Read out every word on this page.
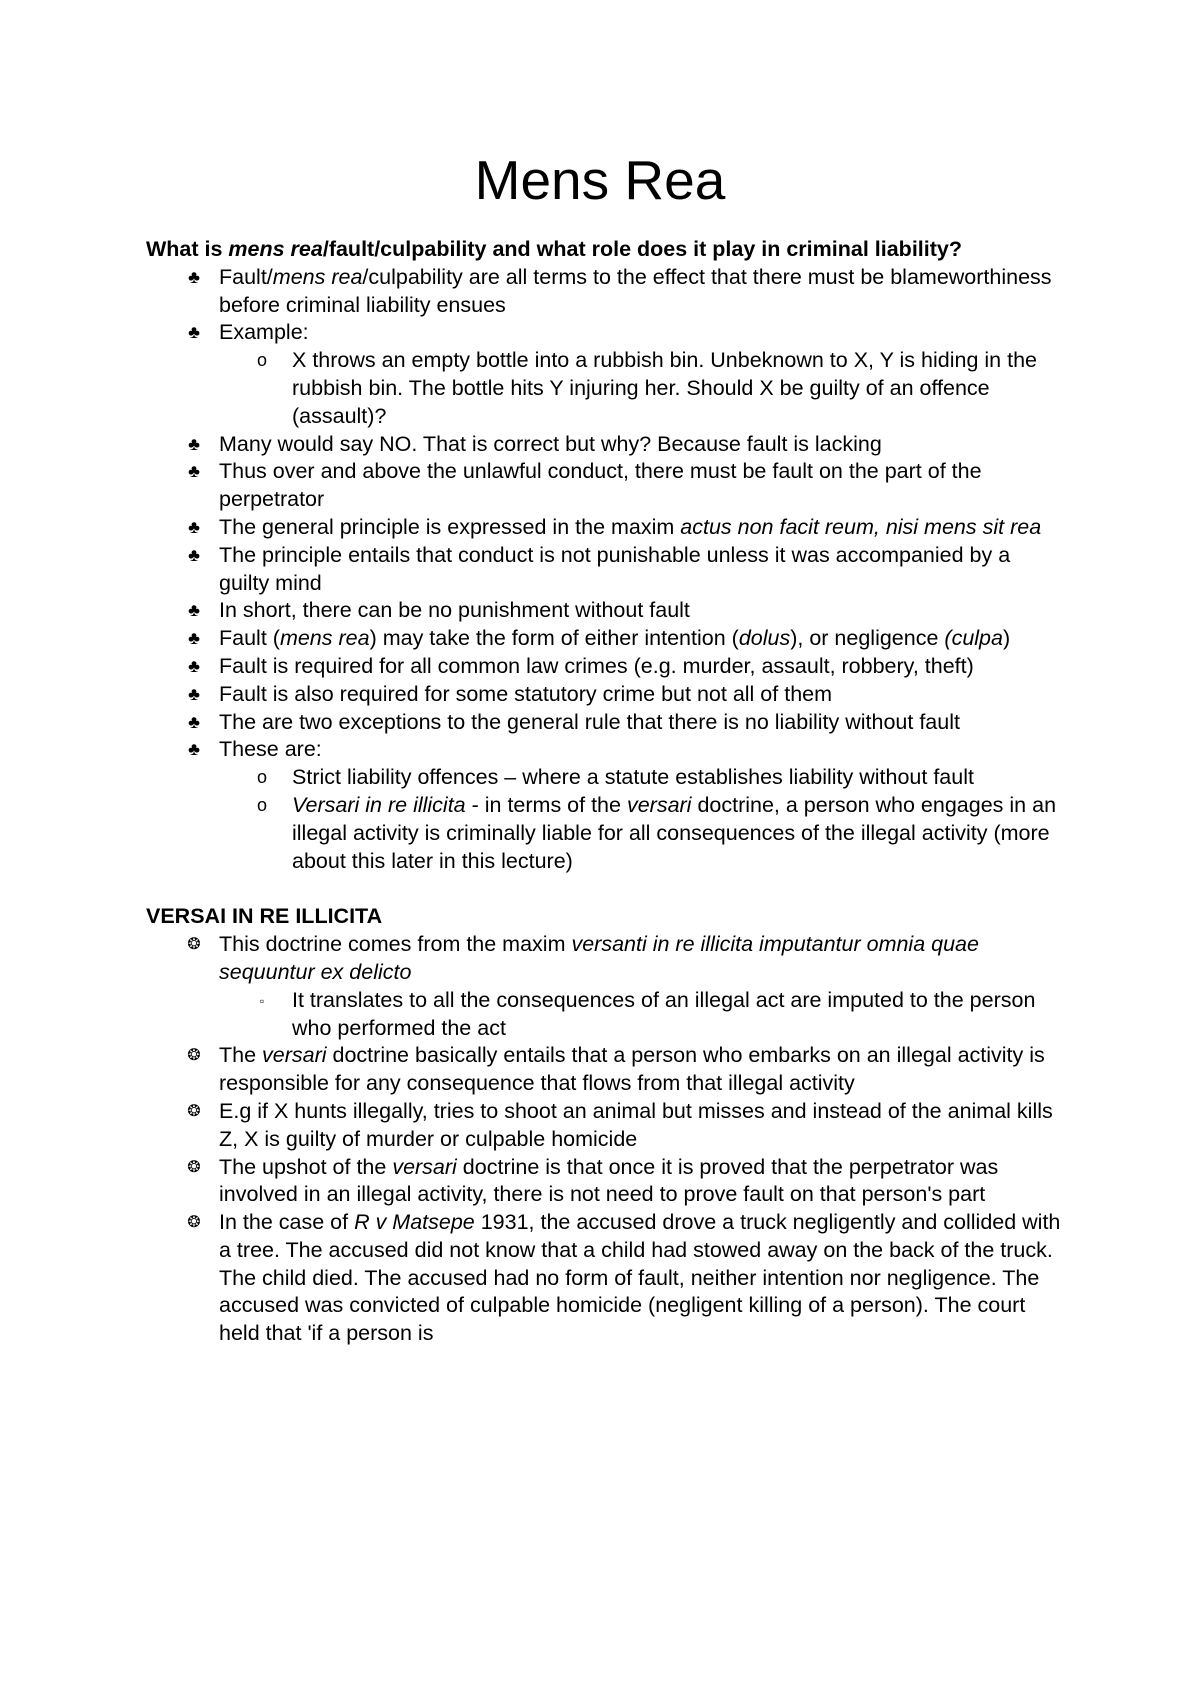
Mens Rea

What is mens rea/fault/culpability and what role does it play in criminal liability?

♣ Fault/mens rea/culpability are all terms to the effect that there must be blameworthiness before criminal liability ensues
♣ Example:
o	X throws an empty bottle into a rubbish bin. Unbeknown to X, Y is hiding in the rubbish bin. The bottle hits Y injuring her. Should X be guilty of an offence (assault)?
♣ Many would say NO. That is correct but why? Because fault is lacking
♣ Thus over and above the unlawful conduct, there must be fault on the part of the perpetrator
♣ The general principle is expressed in the maxim actus non facit reum, nisi mens sit rea
♣ The principle entails that conduct is not punishable unless it was accompanied by a guilty mind
♣ In short, there can be no punishment without fault
♣ Fault (mens rea) may take the form of either intention (dolus), or negligence (culpa)
♣ Fault is required for all common law crimes (e.g. murder, assault, robbery, theft)
♣ Fault is also required for some statutory crime but not all of them
♣ The are two exceptions to the general rule that there is no liability without fault
♣ These are:
o	Strict liability offences – where a statute establishes liability without fault
o	Versari in re illicita - in terms of the versari doctrine, a person who engages in an illegal activity is criminally liable for all consequences of the illegal activity (more about this later in this lecture)

VERSAI IN RE ILLICITA

❂ This doctrine comes from the maxim versanti in re illicita imputantur omnia quae sequuntur ex delicto
▫	It translates to all the consequences of an illegal act are imputed to the person who performed the act
❂ The versari doctrine basically entails that a person who embarks on an illegal activity is responsible for any consequence that flows from that illegal activity
❂ E.g if X hunts illegally, tries to shoot an animal but misses and instead of the animal kills Z, X is guilty of murder or culpable homicide
❂ The upshot of the versari doctrine is that once it is proved that the perpetrator was involved in an illegal activity, there is not need to prove fault on that person's part
❂ In the case of R v Matsepe 1931, the accused drove a truck negligently and collided with a tree. The accused did not know that a child had stowed away on the back of the truck. The child died. The accused had no form of fault, neither intention nor negligence. The accused was convicted of culpable homicide (negligent killing of a person). The court held that 'if a person is
